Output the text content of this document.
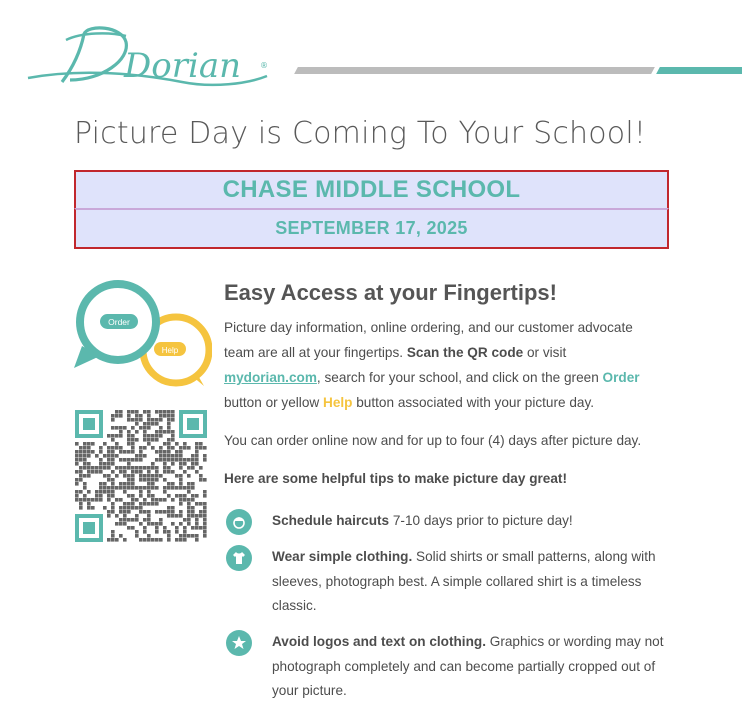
Dorian ®
Picture Day is Coming To Your School!
CHASE MIDDLE SCHOOL
SEPTEMBER 17, 2025
Help
Order
Easy Access at your Fingertips!
Picture day information, online ordering, and our customer advocate team are all at your fingertips. Scan the QR code or visit mydorian.com, search for your school, and click on the green Order button or yellow Help button associated with your picture day.
You can order online now and for up to four (4) days after picture day.
Here are some helpful tips to make picture day great!
Schedule haircuts 7-10 days prior to picture day!
Wear simple clothing. Solid shirts or small patterns, along with sleeves, photograph best. A simple collared shirt is a timeless classic.
Avoid logos and text on clothing. Graphics or wording may not photograph completely and can become partially cropped out of your picture.
